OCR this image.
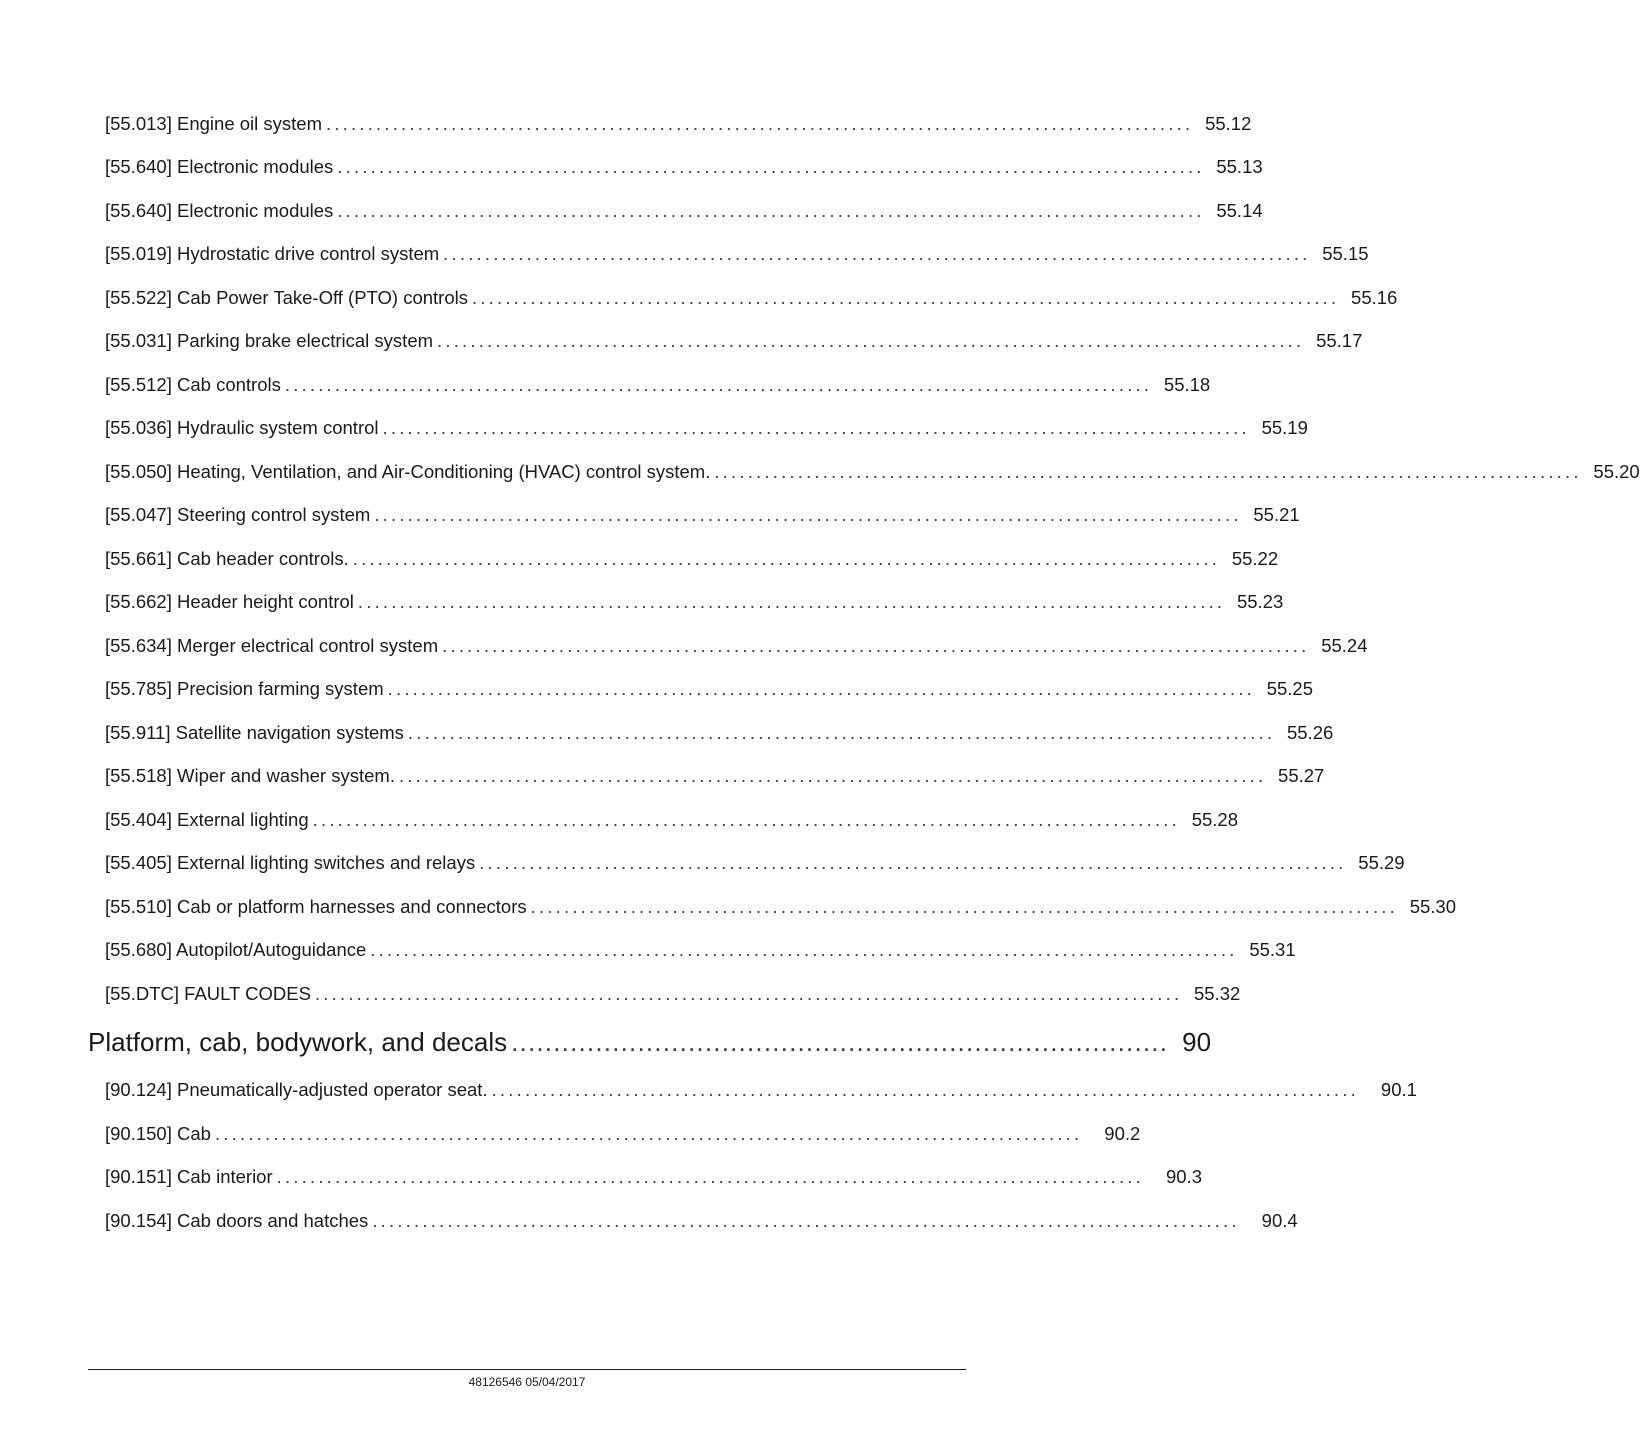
[55.013] Engine oil system ........................................................................................................ 55.12
[55.640] Electronic modules ........................................................................................................ 55.13
[55.640] Electronic modules ........................................................................................................ 55.14
[55.019] Hydrostatic drive control system ........................................................................................................ 55.15
[55.522] Cab Power Take-Off (PTO) controls ........................................................................................................ 55.16
[55.031] Parking brake electrical system ........................................................................................................ 55.17
[55.512] Cab controls ........................................................................................................ 55.18
[55.036] Hydraulic system control ........................................................................................................ 55.19
[55.050] Heating, Ventilation, and Air-Conditioning (HVAC) control system. ........................................................................................................ 55.20
[55.047] Steering control system ........................................................................................................ 55.21
[55.661] Cab header controls. ........................................................................................................ 55.22
[55.662] Header height control ........................................................................................................ 55.23
[55.634] Merger electrical control system ........................................................................................................ 55.24
[55.785] Precision farming system ........................................................................................................ 55.25
[55.911] Satellite navigation systems ........................................................................................................ 55.26
[55.518] Wiper and washer system. ........................................................................................................ 55.27
[55.404] External lighting ........................................................................................................ 55.28
[55.405] External lighting switches and relays ........................................................................................................ 55.29
[55.510] Cab or platform harnesses and connectors ........................................................................................................ 55.30
[55.680] Autopilot/Autoguidance ........................................................................................................ 55.31
[55.DTC] FAULT CODES ........................................................................................................ 55.32
Platform, cab, bodywork, and decals .............................................................................. 90
[90.124] Pneumatically-adjusted operator seat. ........................................................................................................	90.1
[90.150] Cab ........................................................................................................	90.2
[90.151] Cab interior ........................................................................................................	90.3
[90.154] Cab doors and hatches ........................................................................................................	90.4
48126546 05/04/2017
